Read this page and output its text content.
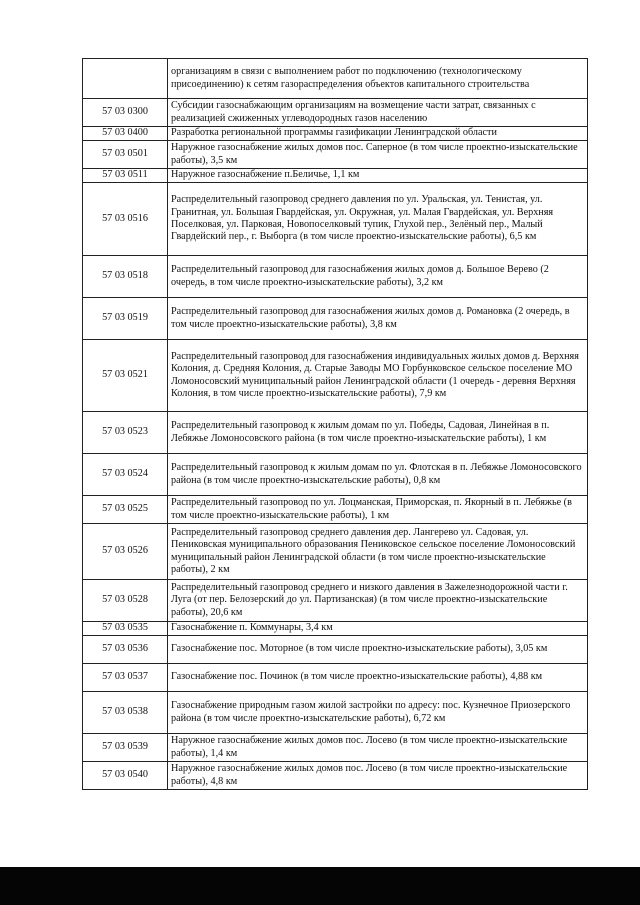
	организациям в связи с выполнением работ по подключению (технологическому присоединению) к сетям газораспределения объектов капитального строительства
57 03 0300	Субсидии газоснабжающим организациям на возмещение части затрат, связанных с реализацией сжиженных углеводородных газов населению
57 03 0400	Разработка региональной программы газификации Ленинградской области
57 03 0501	Наружное газоснабжение жилых домов пос. Саперное (в том числе проектно-изыскательские работы), 3,5 км
57 03 0511	Наружное газоснабжение п.Беличье, 1,1 км
57 03 0516	Распределительный газопровод среднего давления по ул. Уральская, ул. Тенистая, ул. Гранитная, ул. Большая Гвардейская, ул. Окружная, ул. Малая Гвардейская, ул. Верхняя Поселковая, ул. Парковая, Новопоселковый тупик, Глухой пер., Зелёный пер., Малый Гвардейский пер., г. Выборга (в том числе проектно-изыскательские работы), 6,5 км
57 03 0518	Распределительный газопровод для газоснабжения жилых домов д. Большое Верево (2 очередь, в том числе проектно-изыскательские работы), 3,2 км
57 03 0519	Распределительный газопровод для газоснабжения жилых домов д. Романовка (2 очередь, в том числе проектно-изыскательские работы), 3,8 км
57 03 0521	Распределительный газопровод для газоснабжения индивидуальных жилых домов д. Верхняя Колония, д. Средняя Колония, д. Старые Заводы МО Горбунковское сельское поселение МО Ломоносовский муниципальный район Ленинградской области (1 очередь - деревня Верхняя Колония, в том числе проектно-изыскательские работы), 7,9 км
57 03 0523	Распределительный газопровод к жилым домам по ул. Победы, Садовая, Линейная в п. Лебяжье Ломоносовского района (в том числе проектно-изыскательские работы), 1 км
57 03 0524	Распределительный газопровод к жилым домам по ул. Флотская в п. Лебяжье Ломоносовского района (в том числе проектно-изыскательские работы), 0,8 км
57 03 0525	Распределительный газопровод по ул. Лоцманская, Приморская, п. Якорный в п. Лебяжье (в том числе проектно-изыскательские работы), 1 км
57 03 0526	Распределительный газопровод среднего давления дер. Лангерево ул. Садовая, ул. Пениковская муниципального образования Пениковское сельское поселение Ломоносовский муниципальный район Ленинградской области (в том числе проектно-изыскательские работы), 2 км
57 03 0528	Распределительный газопровод среднего и низкого давления в Зажелезнодорожной части г. Луга (от пер. Белозерский до ул. Партизанская) (в том числе проектно-изыскательские работы), 20,6 км
57 03 0535	Газоснабжение п. Коммунары, 3,4 км
57 03 0536	Газоснабжение пос. Моторное (в том числе проектно-изыскательские работы), 3,05 км
57 03 0537	Газоснабжение пос. Починок (в том числе проектно-изыскательские работы), 4,88 км
57 03 0538	Газоснабжение природным газом жилой застройки по адресу: пос. Кузнечное Приозерского района (в том числе проектно-изыскательские работы), 6,72 км
57 03 0539	Наружное газоснабжение жилых домов пос. Лосевo (в том числе проектно-изыскательские работы), 1,4 км
57 03 0540	Наружное газоснабжение жилых домов пос. Лосево (в том числе проектно-изыскательские работы), 4,8 км
